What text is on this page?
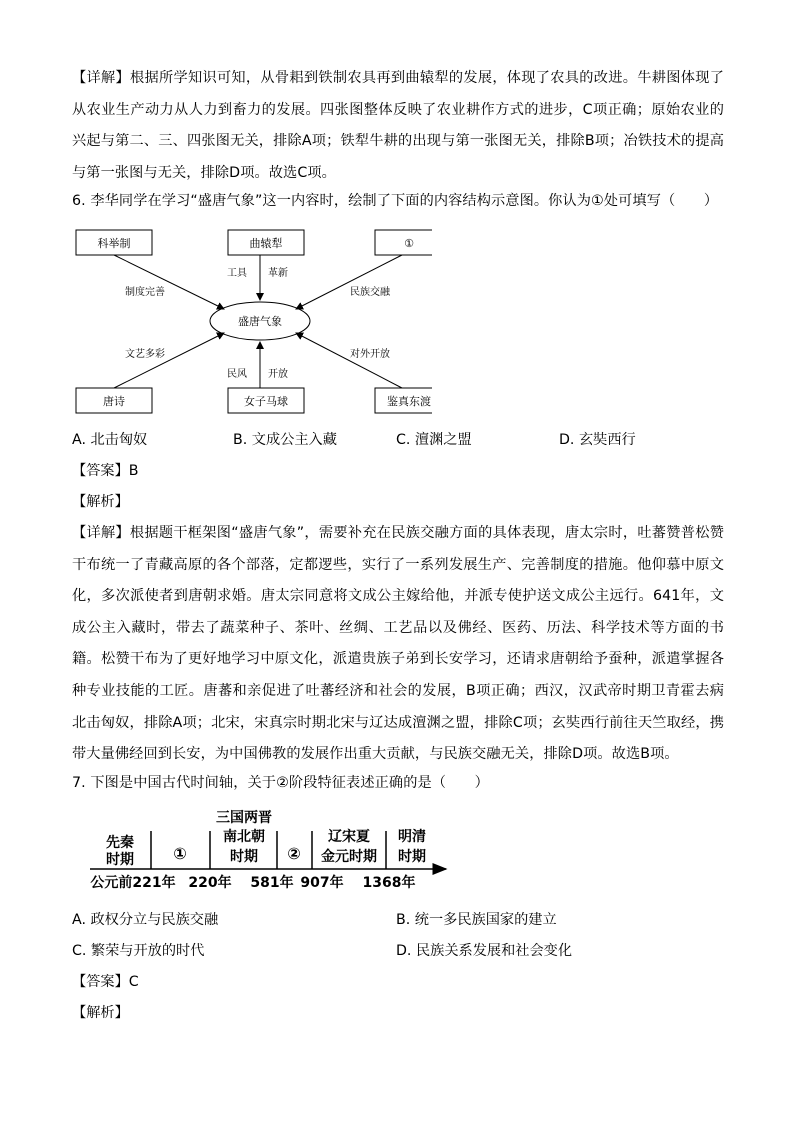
【详解】根据所学知识可知，从骨耜到铁制农具再到曲辕犁的发展，体现了农具的改进。牛耕图体现了从农业生产动力从人力到畜力的发展。四张图整体反映了农业耕作方式的进步，C项正确；原始农业的兴起与第二、三、四张图无关，排除A项；铁犁牛耕的出现与第一张图无关，排除B项；冶铁技术的提高与第一张图与无关，排除D项。故选C项。
6. 李华同学在学习“盛唐气象”这一内容时，绘制了下面的内容结构示意图。你认为①处可填写（　　）
科举制	曲辕犁	①
唐诗	女子马球	鉴真东渡
盛唐气象
制度完善
工具 革新
民族交融
文艺多彩
民风 开放
对外开放
A. 北击匈奴	B. 文成公主入藏	C. 澶渊之盟	D. 玄奘西行
【答案】B
【解析】
【详解】根据题干框架图“盛唐气象”，需要补充在民族交融方面的具体表现，唐太宗时，吐蕃赞普松赞干布统一了青藏高原的各个部落，定都逻些，实行了一系列发展生产、完善制度的措施。他仰慕中原文化，多次派使者到唐朝求婚。唐太宗同意将文成公主嫁给他，并派专使护送文成公主远行。641年，文成公主入藏时，带去了蔬菜种子、茶叶、丝绸、工艺品以及佛经、医药、历法、科学技术等方面的书籍。松赞干布为了更好地学习中原文化，派遣贵族子弟到长安学习，还请求唐朝给予蚕种，派遣掌握各种专业技能的工匠。唐蕃和亲促进了吐蕃经济和社会的发展，B项正确；西汉，汉武帝时期卫青霍去病北击匈奴，排除A项；北宋，宋真宗时期北宋与辽达成澶渊之盟，排除C项；玄奘西行前往天竺取经，携带大量佛经回到长安，为中国佛教的发展作出重大贡献，与民族交融无关，排除D项。故选B项。
7. 下图是中国古代时间轴，关于②阶段特征表述正确的是（　　）
先秦
时期 ①
三国两晋
南北朝
时期 ②
辽宋夏
金元时期
明清
时期
公元前221年 220年 581年 907年 1368年
A. 政权分立与民族交融	B. 统一多民族国家的建立
C. 繁荣与开放的时代	D. 民族关系发展和社会变化
【答案】C
【解析】
